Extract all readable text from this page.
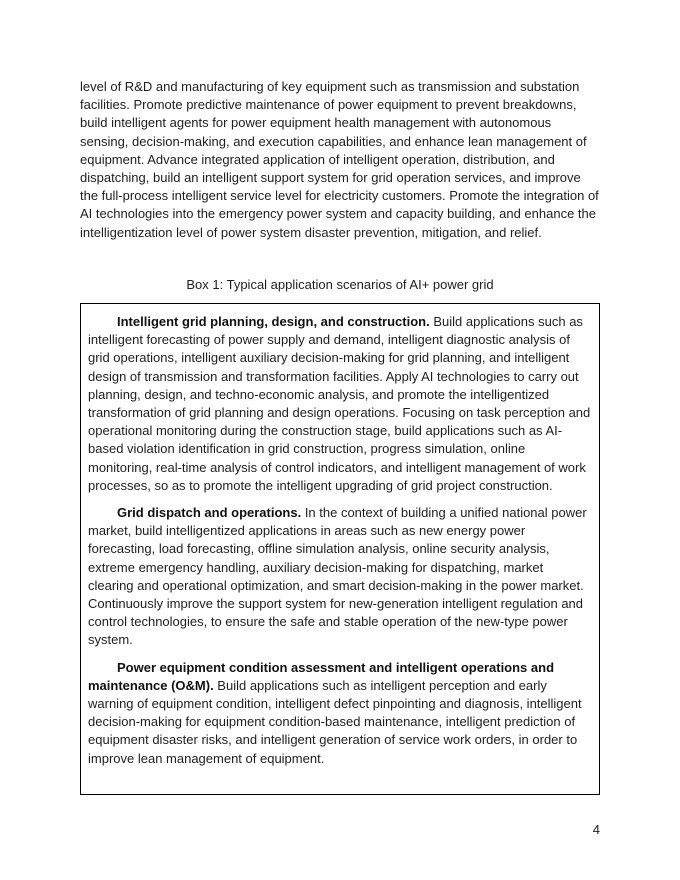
level of R&D and manufacturing of key equipment such as transmission and substation facilities. Promote predictive maintenance of power equipment to prevent breakdowns, build intelligent agents for power equipment health management with autonomous sensing, decision-making, and execution capabilities, and enhance lean management of equipment. Advance integrated application of intelligent operation, distribution, and dispatching, build an intelligent support system for grid operation services, and improve the full-process intelligent service level for electricity customers. Promote the integration of AI technologies into the emergency power system and capacity building, and enhance the intelligentization level of power system disaster prevention, mitigation, and relief.

Box 1: Typical application scenarios of AI+ power grid

Intelligent grid planning, design, and construction. Build applications such as intelligent forecasting of power supply and demand, intelligent diagnostic analysis of grid operations, intelligent auxiliary decision-making for grid planning, and intelligent design of transmission and transformation facilities. Apply AI technologies to carry out planning, design, and techno-economic analysis, and promote the intelligentized transformation of grid planning and design operations. Focusing on task perception and operational monitoring during the construction stage, build applications such as AI-based violation identification in grid construction, progress simulation, online monitoring, real-time analysis of control indicators, and intelligent management of work processes, so as to promote the intelligent upgrading of grid project construction.

Grid dispatch and operations. In the context of building a unified national power market, build intelligentized applications in areas such as new energy power forecasting, load forecasting, offline simulation analysis, online security analysis, extreme emergency handling, auxiliary decision-making for dispatching, market clearing and operational optimization, and smart decision-making in the power market. Continuously improve the support system for new-generation intelligent regulation and control technologies, to ensure the safe and stable operation of the new-type power system.

Power equipment condition assessment and intelligent operations and maintenance (O&M). Build applications such as intelligent perception and early warning of equipment condition, intelligent defect pinpointing and diagnosis, intelligent decision-making for equipment condition-based maintenance, intelligent prediction of equipment disaster risks, and intelligent generation of service work orders, in order to improve lean management of equipment.

4
